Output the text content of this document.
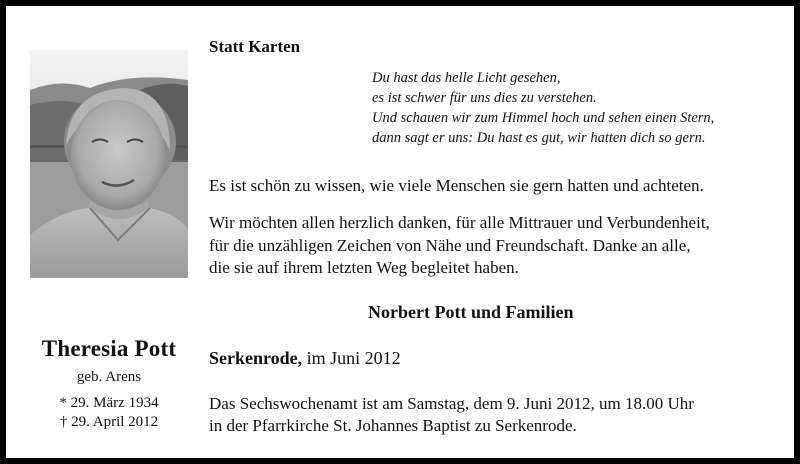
Theresia Pott
geb. Arens
* 29. März 1934
† 29. April 2012
Statt Karten
Du hast das helle Licht gesehen,
es ist schwer für uns dies zu verstehen.
Und schauen wir zum Himmel hoch und sehen einen Stern,
dann sagt er uns: Du hast es gut, wir hatten dich so gern.
Es ist schön zu wissen, wie viele Menschen sie gern hatten und achteten.
Wir möchten allen herzlich danken, für alle Mittrauer und Verbundenheit,
für die unzähligen Zeichen von Nähe und Freundschaft. Danke an alle,
die sie auf ihrem letzten Weg begleitet haben.
Norbert Pott und Familien
Serkenrode, im Juni 2012
Das Sechswochenamt ist am Samstag, dem 9. Juni 2012, um 18.00 Uhr
in der Pfarrkirche St. Johannes Baptist zu Serkenrode.
